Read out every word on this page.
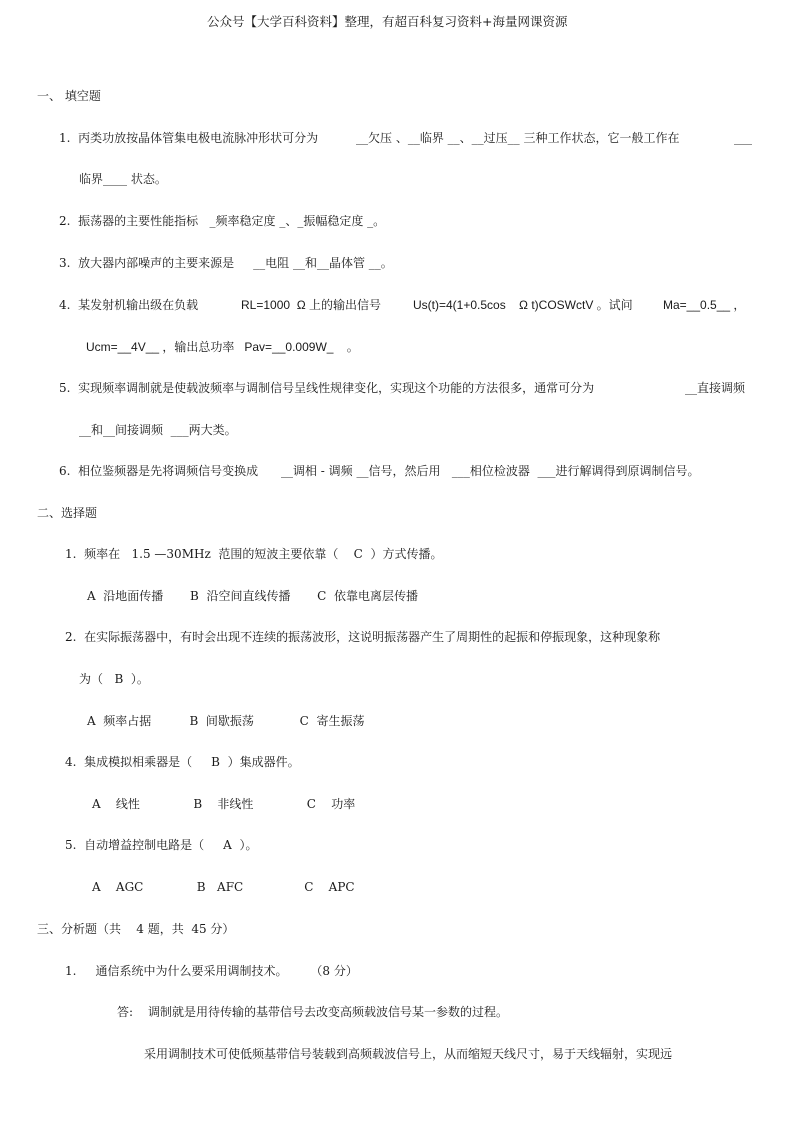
公众号【大学百科资料】整理，有超百科复习资料+海量网课资源
一、 填空题
1.  丙类功放按晶体管集电极电流脉冲形状可分为	__欠压 、__临界 __、__过压__ 三种工作状态，它一般工作在	___
临界____ 状态。
2.  振荡器的主要性能指标   _频率稳定度 _、_振幅稳定度 _。
3.  放大器内部噪声的主要来源是     __电阻 __和__晶体管 __。
4.  某发射机输出级在负载	RL=1000  Ω 上的输出信号	Us(t)=4(1+0.5cos    Ω t)COSWctV 。试问	Ma=__0.5__ ，
Ucm=__4V__ ，输出总功率   Pav=__0.009W_    。
5.  实现频率调制就是使载波频率与调制信号呈线性规律变化，实现这个功能的方法很多，通常可分为	__直接调频
__和__间接调频  ___两大类。
6.  相位鉴频器是先将调频信号变换成      __调相 - 调频 __信号，然后用   ___相位检波器  ___进行解调得到原调制信号。
二、选择题
1.  频率在   1.5 —30MHz  范围的短波主要依靠（    C  ）方式传播。
A  沿地面传播       B  沿空间直线传播       C  依靠电离层传播
2.  在实际振荡器中，有时会出现不连续的振荡波形，这说明振荡器产生了周期性的起振和停振现象，这种现象称
为（   B  ）。
A  频率占据          B  间歇振荡            C  寄生振荡
4.  集成模拟相乘器是（     B  ）集成器件。
A    线性              B    非线性              C    功率
5.  自动增益控制电路是（     A  ）。
A    AGC              B   AFC                C    APC
三、分析题（共    4 题，共  45 分）
1.     通信系统中为什么要采用调制技术。      （8 分）
答: 调制就是用待传输的基带信号去改变高频载波信号某一参数的过程。
采用调制技术可使低频基带信号装载到高频载波信号上，从而缩短天线尺寸，易于天线辐射，实现远
